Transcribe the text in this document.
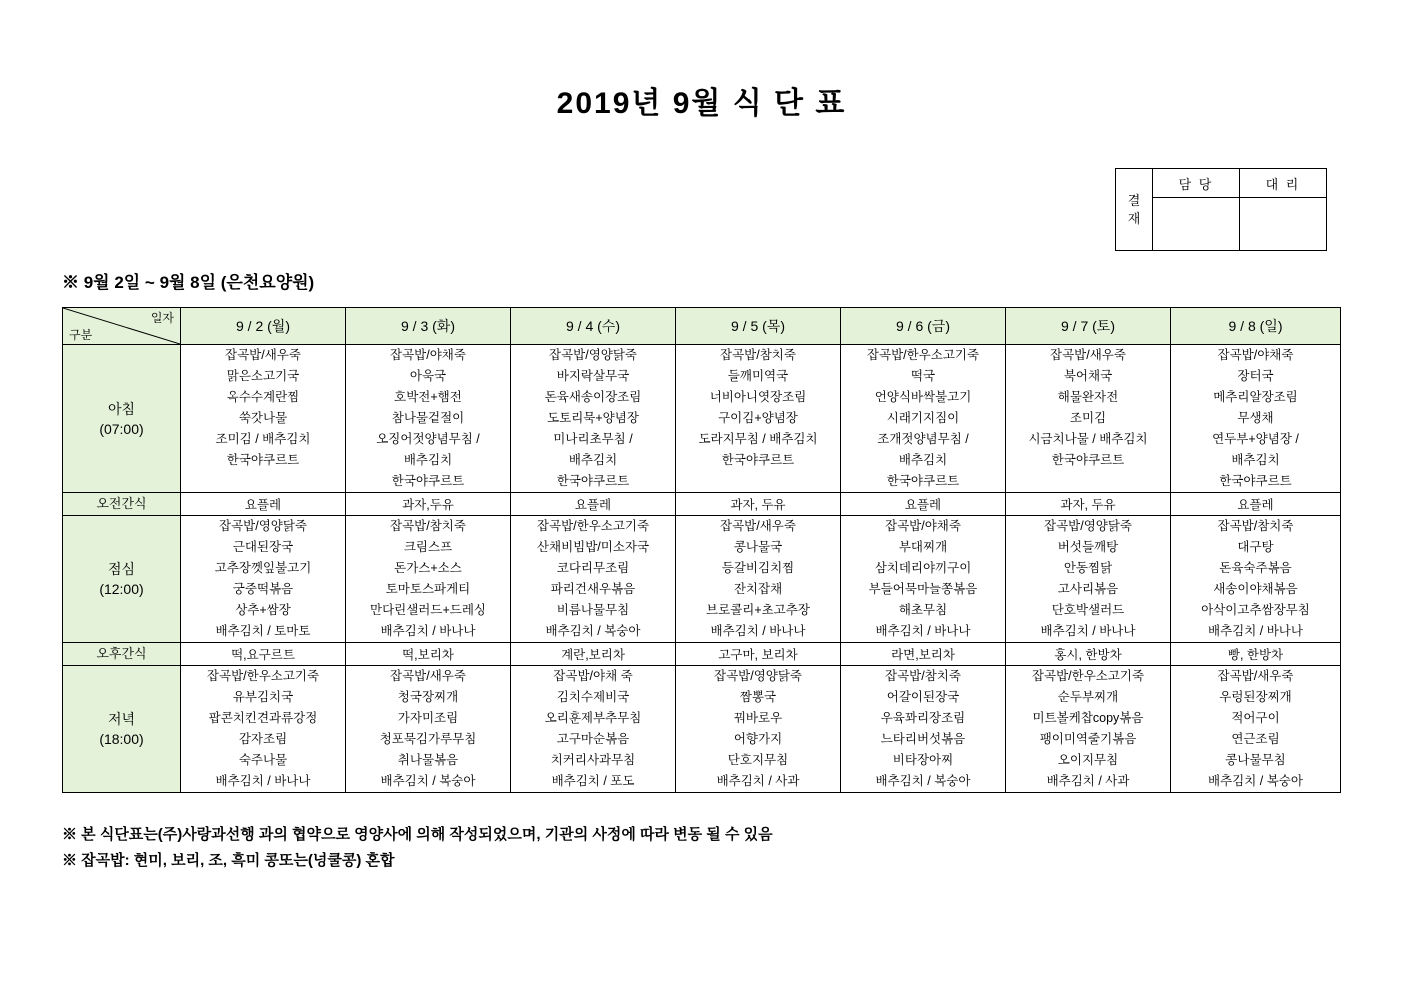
2019년 9월 식 단 표
결
재	담 당	대 리

※ 9월 2일 ~ 9월 8일 (은천요양원)
일자
구분	9 / 2 (월)	9 / 3 (화)	9 / 4 (수)	9 / 5 (목)	9 / 6 (금)	9 / 7 (토)	9 / 8 (일)

아침
(07:00)
	잡곡밥/새우죽
맑은소고기국
옥수수계란찜
쑥갓나물
조미김 / 배추김치
한국야쿠르트	잡곡밥/야채죽
아욱국
호박전+햄전
참나물겉절이
오징어젓양념무침 /
배추김치
한국야쿠르트	잡곡밥/영양닭죽
바지락살무국
돈육새송이장조림
도토리묵+양념장
미나리초무침 /
배추김치
한국야쿠르트	잡곡밥/참치죽
들깨미역국
너비아니엿장조림
구이김+양념장
도라지무침 / 배추김치
한국야쿠르트	잡곡밥/한우소고기죽
떡국
언양식바싹불고기
시래기지짐이
조개젓양념무침 /
배추김치
한국야쿠르트	잡곡밥/새우죽
북어채국
해물완자전
조미김
시금치나물 / 배추김치
한국야쿠르트	잡곡밥/야채죽
장터국
메추리알장조림
무생채
연두부+양념장 /
배추김치
한국야쿠르트
오전간식	요플레	과자,두유	요플레	과자, 두유	요플레	과자, 두유	요플레

점심
(12:00)
	잡곡밥/영양닭죽
근대된장국
고추장껫잎불고기
궁중떡볶음
상추+쌈장
배추김치 / 토마토	잡곡밥/참치죽
크림스프
돈가스+소스
토마토스파게티
만다린샐러드+드레싱
배추김치 / 바나나	잡곡밥/한우소고기죽
산채비빔밥/미소자국
코다리무조림
파리건새우볶음
비름나물무침
배추김치 / 복숭아	잡곡밥/새우죽
콩나물국
등갈비김치찜
잔치잡채
브로콜리+초고추장
배추김치 / 바나나	잡곡밥/야채죽
부대찌개
삼치데리야끼구이
부들어묵마늘쫑볶음
해초무침
배추김치 / 바나나	잡곡밥/영양닭죽
버섯들깨탕
안동찜닭
고사리볶음
단호박샐러드
배추김치 / 바나나	잡곡밥/참치죽
대구탕
돈육숙주볶음
새송이야채볶음
아삭이고추쌈장무침
배추김치 / 바나나
오후간식	떡,요구르트	떡,보리차	계란,보리차	고구마, 보리차	라면,보리차	홍시, 한방차	빵, 한방차

저녁
(18:00)
	잡곡밥/한우소고기죽
유부김치국
팝콘치킨견과류강정
감자조림
숙주나물
배추김치 / 바나나	잡곡밥/새우죽
청국장찌개
가자미조림
청포묵김가루무침
취나물볶음
배추김치 / 복숭아	잡곡밥/야채 죽
김치수제비국
오리훈제부추무침
고구마순볶음
치커리사과무침
배추김치 / 포도	잡곡밥/영양닭죽
짬뽕국
꿔바로우
어향가지
단호지무침
배추김치 / 사과	잡곡밥/참치죽
어갈이된장국
우육꽈리장조림
느타리버섯볶음
비타장아찌
배추김치 / 복숭아	잡곡밥/한우소고기죽
순두부찌개
미트볼케찹copy볶음
팽이미역줄기볶음
오이지무침
배추김치 / 사과	잡곡밥/새우죽
우렁된장찌개
적어구이
연근조림
콩나물무침
배추김치 / 복숭아
※ 본 식단표는(주)사랑과선행 과의 협약으로 영양사에 의해 작성되었으며, 기관의 사정에 따라 변동 될 수 있음
※ 잡곡밥: 현미, 보리, 조, 흑미 콩또는(넝쿨콩) 혼합
